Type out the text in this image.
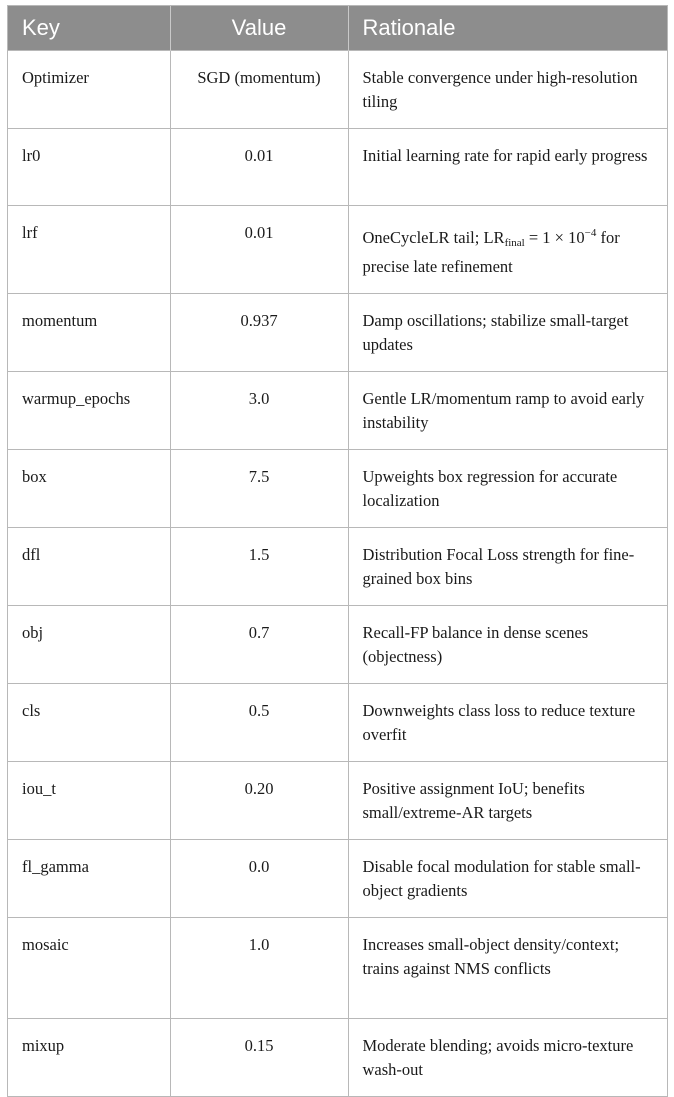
Key	Value	Rationale
Optimizer	SGD (momentum)	Stable convergence under high-resolution tiling
lr0	0.01	Initial learning rate for rapid early progress
lrf	0.01	OneCycleLR tail; $LR_{final} = 1 \times 10^{-4}$ for precise late refinement
momentum	0.937	Damp oscillations; stabilize small-target updates
warmup_epochs	3.0	Gentle LR/momentum ramp to avoid early instability
box	7.5	Upweights box regression for accurate localization
dfl	1.5	Distribution Focal Loss strength for fine-grained box bins
obj	0.7	Recall-FP balance in dense scenes (objectness)
cls	0.5	Downweights class loss to reduce texture overfit
iou_t	0.20	Positive assignment IoU; benefits small/extreme-AR targets
fl_gamma	0.0	Disable focal modulation for stable small-object gradients
mosaic	1.0	Increases small-object density/context; trains against NMS conflicts
mixup	0.15	Moderate blending; avoids micro-texture wash-out
